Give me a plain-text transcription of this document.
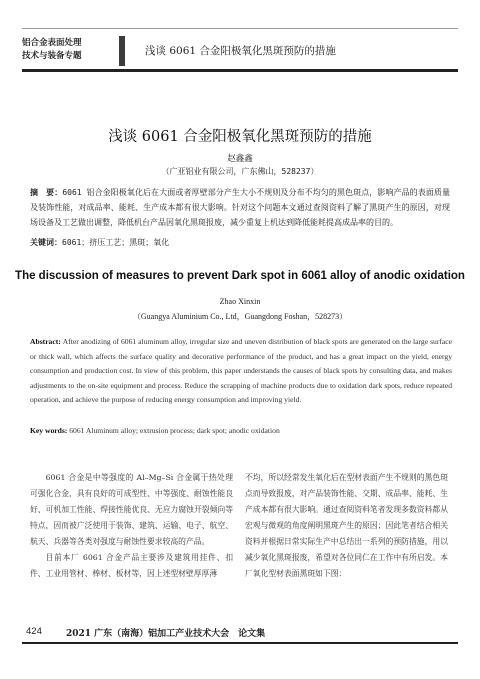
铝合金表面处理
技术与装备专题	浅谈 6061 合金阳极氧化黑斑预防的措施
浅谈 6061 合金阳极氧化黑斑预防的措施
赵鑫鑫
（广亚铝业有限公司，广东佛山，528237）
摘　要：6061 铝合金阳极氧化后在大面或者厚壁部分产生大小不规则及分布不均匀的黑色斑点，影响产品的表面质量及装饰性能，对成品率、能耗、生产成本都有很大影响。针对这个问题本文通过查阅资料了解了黑斑产生的原因，对现场设备及工艺做出调整，降低机台产品因氧化黑斑报废，减少重复上机达到降低能耗提高成品率的目的。
关键词：6061；挤压工艺；黑斑；氧化
The discussion of measures to prevent Dark spot in 6061 alloy of anodic oxidation
Zhao Xinxin
（Guangya Aluminium Co., Ltd，Guangdong Foshan，528273）
Abstract: After anodizing of 6061 aluminum alloy, irregular size and uneven distribution of black spots are generated on the large surface or thick wall, which affects the surface quality and decorative performance of the product, and has a great impact on the yield, energy consumption and production cost. In view of this problem, this paper understands the causes of black spots by consulting data, and makes adjustments to the on-site equipment and process. Reduce the scrapping of machine products due to oxidation dark spots, reduce repeated operation, and achieve the purpose of reducing energy consumption and improving yield.
Key words: 6061 Aluminum alloy; extrusion process; dark spot; anodic oxidation

6061 合金是中等强度的 Al–Mg–Si 合金属于热处理可强化合金，具有良好的可成型性、中等强度、耐蚀性能良好、可机加工性能、焊接性能优良、无应力腐蚀开裂倾向等特点，因而被广泛使用于装饰、建筑、运输、电子、航空、航天、兵器等各类对强度与耐蚀性要求较高的产品。

目前本厂 6061 合金产品主要涉及建筑用挂件、扣件、工业用管材、棒材、板材等，因上述型材壁厚厚薄

不均，所以经常发生氧化后在型材表面产生不规则的黑色斑点而导致报废，对产品装饰性能、交期、成品率、能耗、生产成本都有很大影响。通过查阅资料笔者发现多数资料都从宏观与微观的角度阐明黑斑产生的原因；因此笔者结合相关资料并根据日常实际生产中总结出一系列的预防措施，用以减少氧化黑斑报废，希望对各位同仁在工作中有所启发。本厂氧化型材表面黑斑如下图：

424	2021 广东（南海）铝加工产业技术大会　论文集
